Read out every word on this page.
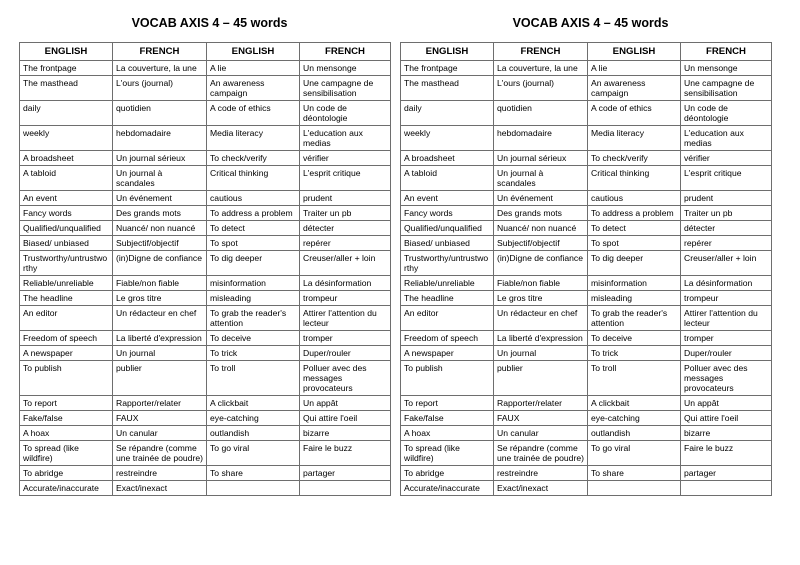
VOCAB AXIS 4 – 45 words
ENGLISH	FRENCH	ENGLISH	FRENCH
The frontpage	La couverture, la une	A lie	Un mensonge
The masthead	L'ours (journal)	An awareness campaign	Une campagne de sensibilisation
daily	quotidien	A code of ethics	Un code de déontologie
weekly	hebdomadaire	Media literacy	L'education aux medias
A broadsheet	Un journal sérieux	To check/verify	vérifier
A tabloid	Un journal à scandales	Critical thinking	L'esprit critique
An event	Un événement	cautious	prudent
Fancy words	Des grands mots	To address a problem	Traiter un pb
Qualified/unqualified	Nuancé/ non nuancé	To detect	détecter
Biased/ unbiased	Subjectif/objectif	To spot	repérer
Trustworthy/untrustworthy	(in)Digne de confiance	To dig deeper	Creuser/aller + loin
Reliable/unreliable	Fiable/non fiable	misinformation	La désinformation
The headline	Le gros titre	misleading	trompeur
An editor	Un rédacteur en chef	To grab the reader's attention	Attirer l'attention du lecteur
Freedom of speech	La liberté d'expression	To deceive	tromper
A newspaper	Un journal	To trick	Duper/rouler
To publish	publier	To troll	Polluer avec des messages provocateurs
To report	Rapporter/relater	A clickbait	Un appât
Fake/false	FAUX	eye-catching	Qui attire l'oeil
A hoax	Un canular	outlandish	bizarre
To spread (like wildfire)	Se répandre (comme une trainée de poudre)	To go viral	Faire le buzz
To abridge	restreindre	To share	partager
Accurate/inaccurate	Exact/inexact		
VOCAB AXIS 4 – 45 words
ENGLISH	FRENCH	ENGLISH	FRENCH
The frontpage	La couverture, la une	A lie	Un mensonge
The masthead	L'ours (journal)	An awareness campaign	Une campagne de sensibilisation
daily	quotidien	A code of ethics	Un code de déontologie
weekly	hebdomadaire	Media literacy	L'education aux medias
A broadsheet	Un journal sérieux	To check/verify	vérifier
A tabloid	Un journal à scandales	Critical thinking	L'esprit critique
An event	Un événement	cautious	prudent
Fancy words	Des grands mots	To address a problem	Traiter un pb
Qualified/unqualified	Nuancé/ non nuancé	To detect	détecter
Biased/ unbiased	Subjectif/objectif	To spot	repérer
Trustworthy/untrustworthy	(in)Digne de confiance	To dig deeper	Creuser/aller + loin
Reliable/unreliable	Fiable/non fiable	misinformation	La désinformation
The headline	Le gros titre	misleading	trompeur
An editor	Un rédacteur en chef	To grab the reader's attention	Attirer l'attention du lecteur
Freedom of speech	La liberté d'expression	To deceive	tromper
A newspaper	Un journal	To trick	Duper/rouler
To publish	publier	To troll	Polluer avec des messages provocateurs
To report	Rapporter/relater	A clickbait	Un appât
Fake/false	FAUX	eye-catching	Qui attire l'oeil
A hoax	Un canular	outlandish	bizarre
To spread (like wildfire)	Se répandre (comme une trainée de poudre)	To go viral	Faire le buzz
To abridge	restreindre	To share	partager
Accurate/inaccurate	Exact/inexact		
